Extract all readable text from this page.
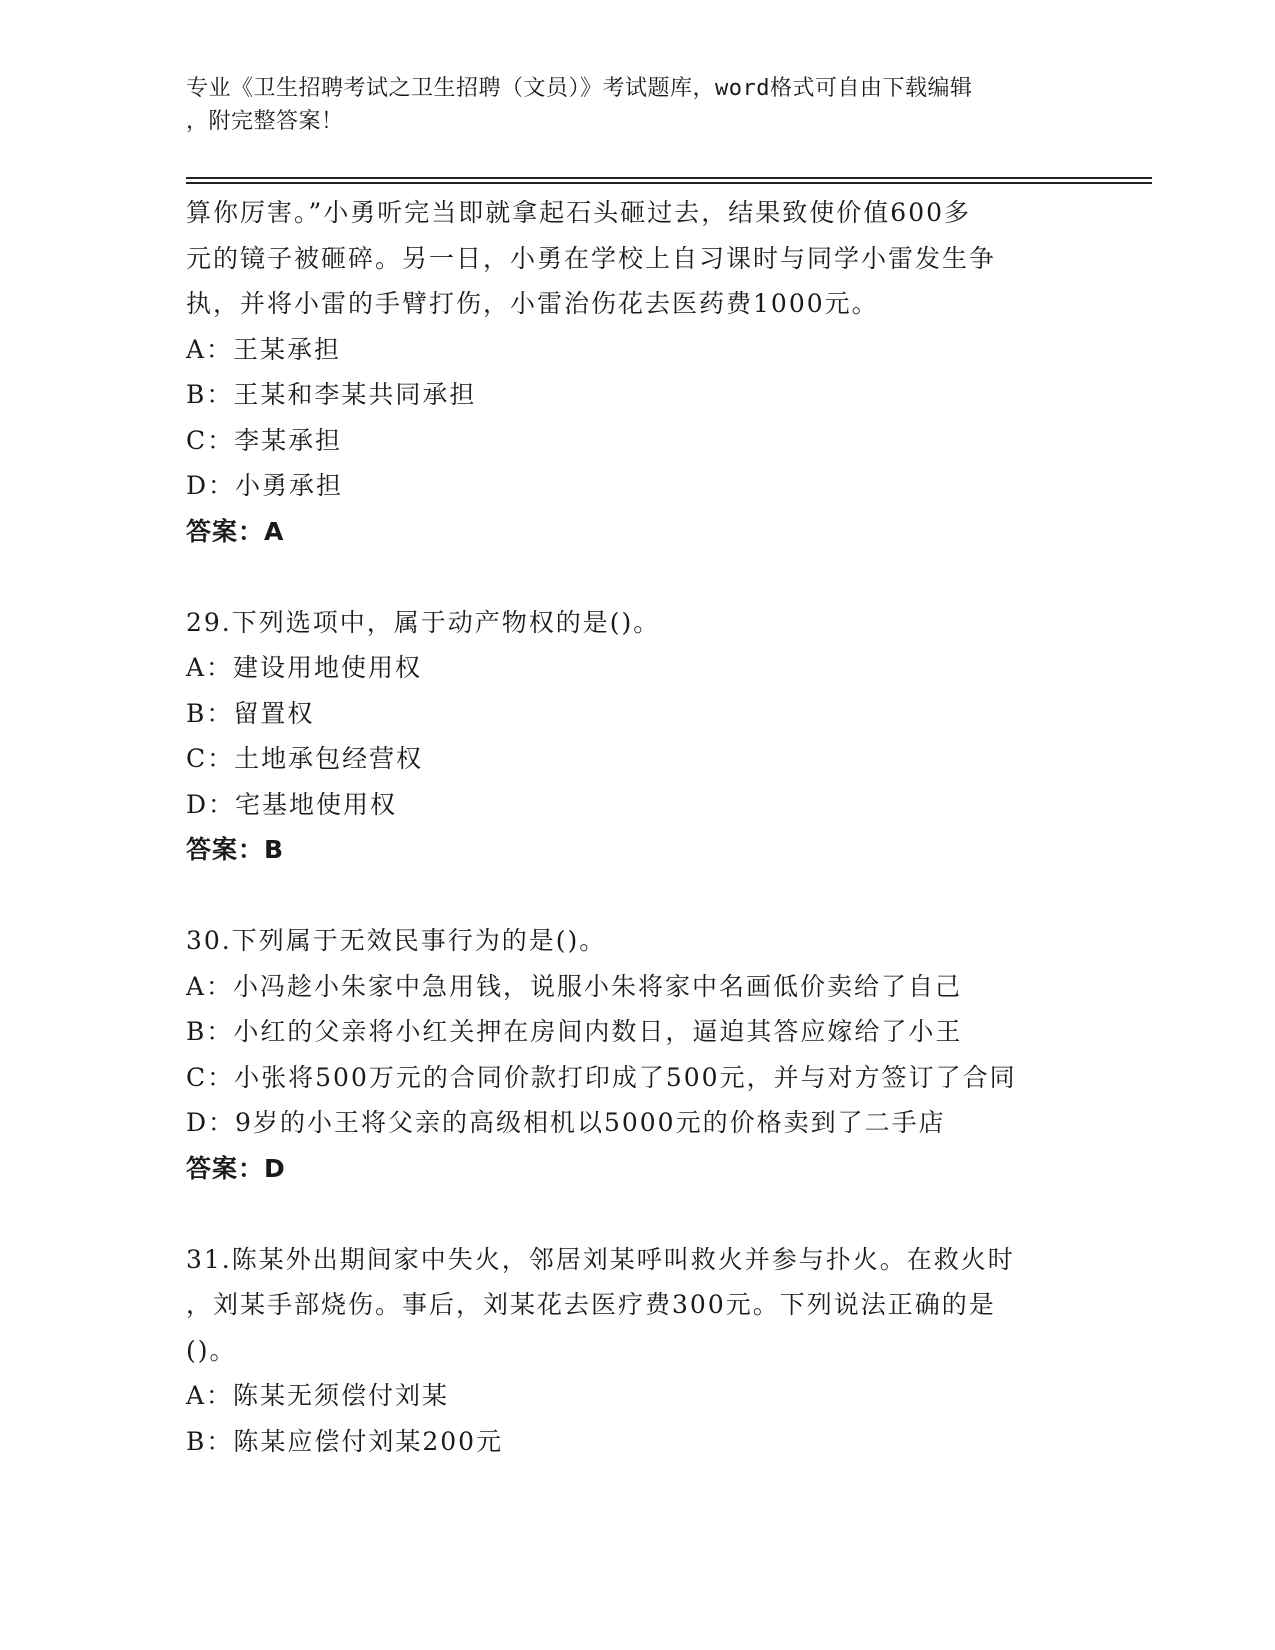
专业《卫生招聘考试之卫生招聘（文员）》考试题库，word格式可自由下载编辑
，附完整答案！

算你厉害。”小勇听完当即就拿起石头砸过去，结果致使价值600多

元的镜子被砸碎。另一日，小勇在学校上自习课时与同学小雷发生争

执，并将小雷的手臂打伤，小雷治伤花去医药费1000元。

A：王某承担

B：王某和李某共同承担

C：李某承担

D：小勇承担

答案：A

29.下列选项中，属于动产物权的是()。

A：建设用地使用权

B：留置权

C：土地承包经营权

D：宅基地使用权

答案：B

30.下列属于无效民事行为的是()。

A：小冯趁小朱家中急用钱，说服小朱将家中名画低价卖给了自己

B：小红的父亲将小红关押在房间内数日，逼迫其答应嫁给了小王

C：小张将500万元的合同价款打印成了500元，并与对方签订了合同

D：9岁的小王将父亲的高级相机以5000元的价格卖到了二手店

答案：D

31.陈某外出期间家中失火，邻居刘某呼叫救火并参与扑火。在救火时

，刘某手部烧伤。事后，刘某花去医疗费300元。下列说法正确的是

()。

A：陈某无须偿付刘某

B：陈某应偿付刘某200元
